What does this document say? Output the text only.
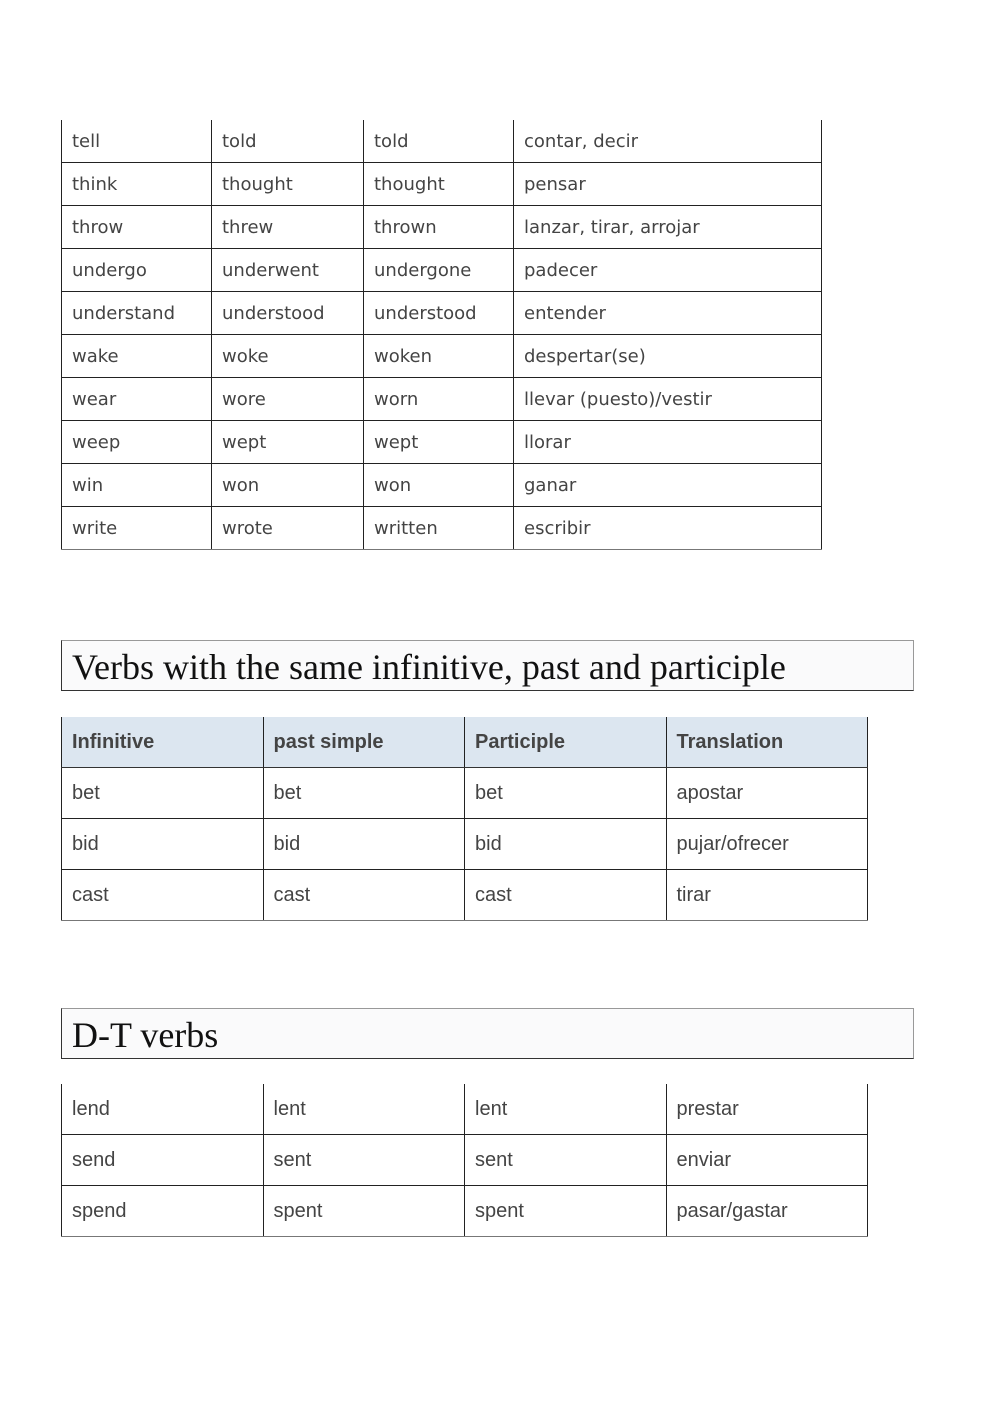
tell	told	told	contar, decir
think	thought	thought	pensar
throw	threw	thrown	lanzar, tirar, arrojar
undergo	underwent	undergone	padecer
understand	understood	understood	entender
wake	woke	woken	despertar(se)
wear	wore	worn	llevar (puesto)/vestir
weep	wept	wept	llorar
win	won	won	ganar
write	wrote	written	escribir
Verbs with the same infinitive, past and participle
Infinitive	past simple	Participle	Translation
bet	bet	bet	apostar
bid	bid	bid	pujar/ofrecer
cast	cast	cast	tirar
D-T verbs
lend	lent	lent	prestar
send	sent	sent	enviar
spend	spent	spent	pasar/gastar
